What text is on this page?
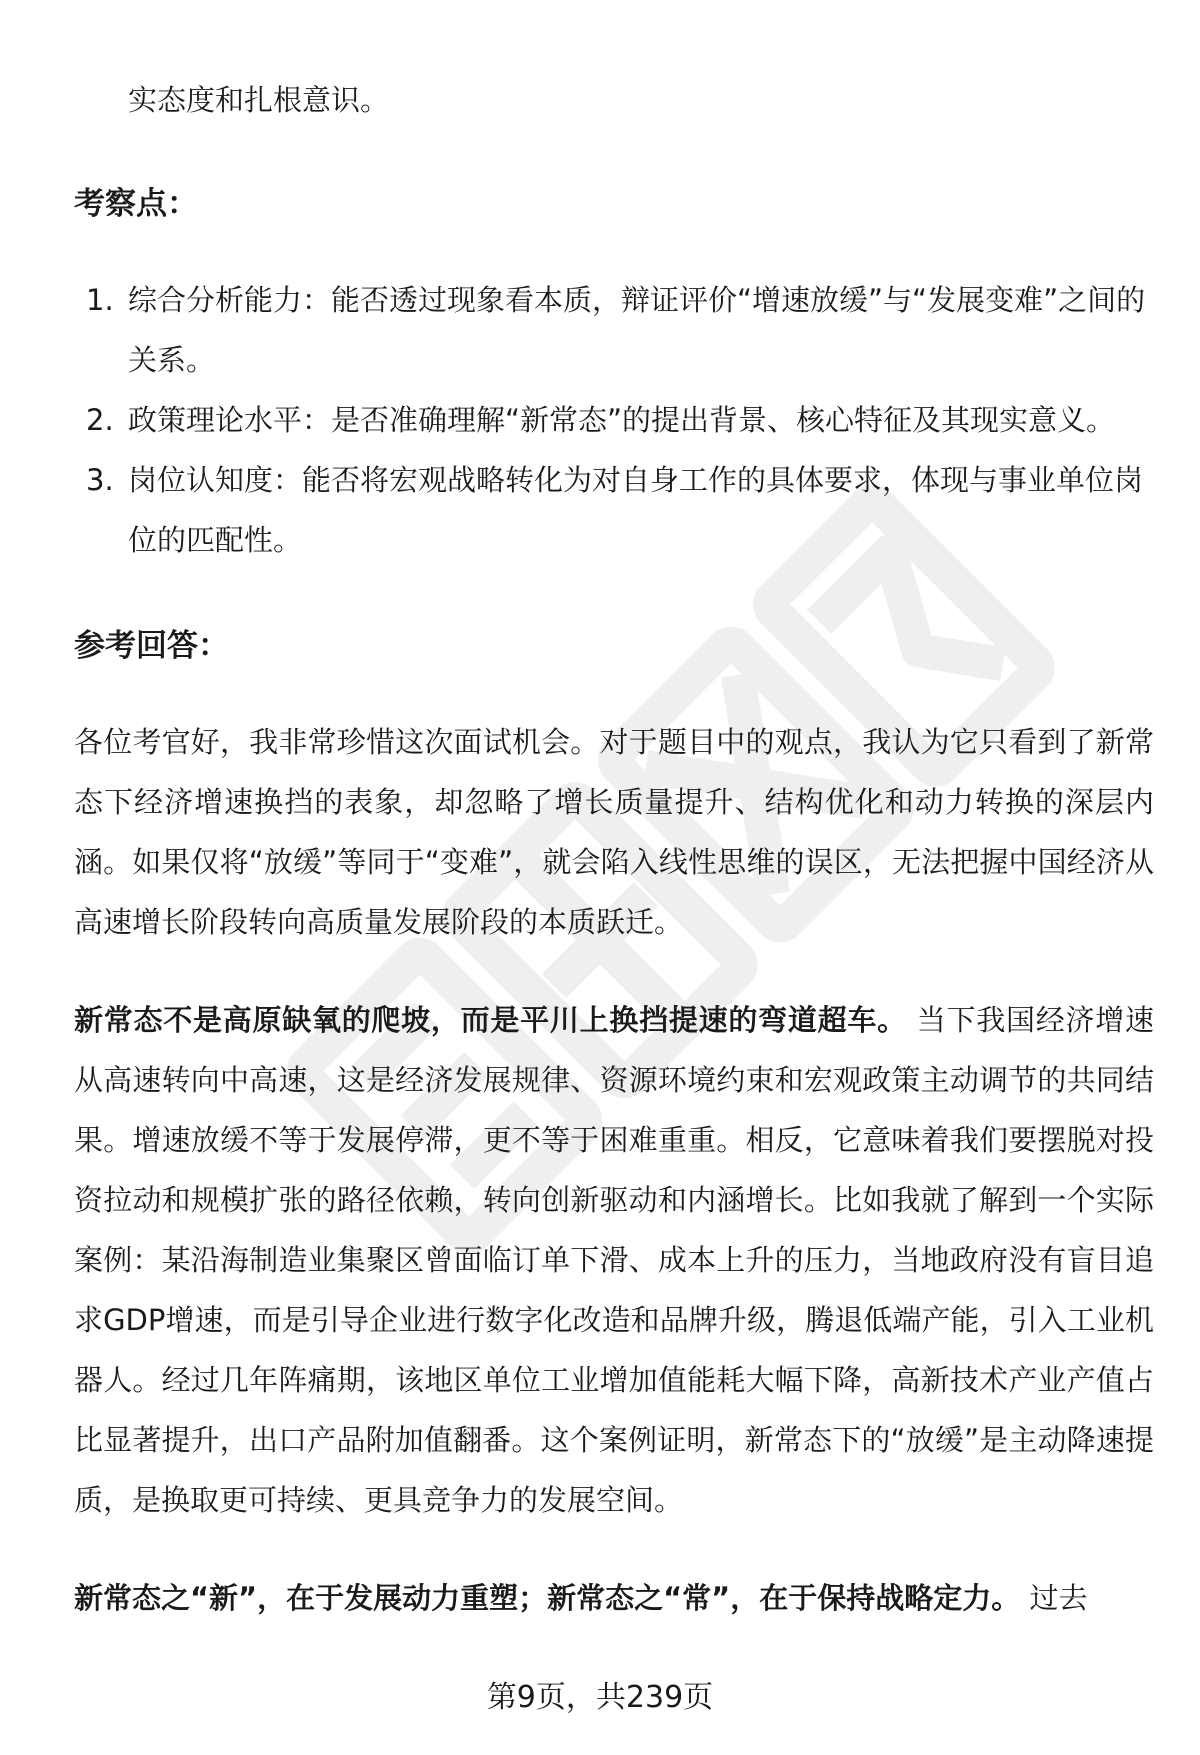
实态度和扎根意识。

考察点：
1. 综合分析能力：能否透过现象看本质，辩证评价“增速放缓”与“发展变难”之间的关系。
2. 政策理论水平：是否准确理解“新常态”的提出背景、核心特征及其现实意义。
3. 岗位认知度：能否将宏观战略转化为对自身工作的具体要求，体现与事业单位岗位的匹配性。
参考回答：

各位考官好，我非常珍惜这次面试机会。对于题目中的观点，我认为它只看到了新常态下经济增速换挡的表象，却忽略了增长质量提升、结构优化和动力转换的深层内涵。如果仅将“放缓”等同于“变难”，就会陷入线性思维的误区，无法把握中国经济从高速增长阶段转向高质量发展阶段的本质跃迁。

新常态不是高原缺氧的爬坡，而是平川上换挡提速的弯道超车。 当下我国经济增速从高速转向中高速，这是经济发展规律、资源环境约束和宏观政策主动调节的共同结果。增速放缓不等于发展停滞，更不等于困难重重。相反，它意味着我们要摆脱对投资拉动和规模扩张的路径依赖，转向创新驱动和内涵增长。比如我就了解到一个实际案例：某沿海制造业集聚区曾面临订单下滑、成本上升的压力，当地政府没有盲目追求GDP增速，而是引导企业进行数字化改造和品牌升级，腾退低端产能，引入工业机器人。经过几年阵痛期，该地区单位工业增加值能耗大幅下降，高新技术产业产值占比显著提升，出口产品附加值翻番。这个案例证明，新常态下的“放缓”是主动降速提质，是换取更可持续、更具竞争力的发展空间。

新常态之“新”，在于发展动力重塑；新常态之“常”，在于保持战略定力。 过去

第9页，共239页
